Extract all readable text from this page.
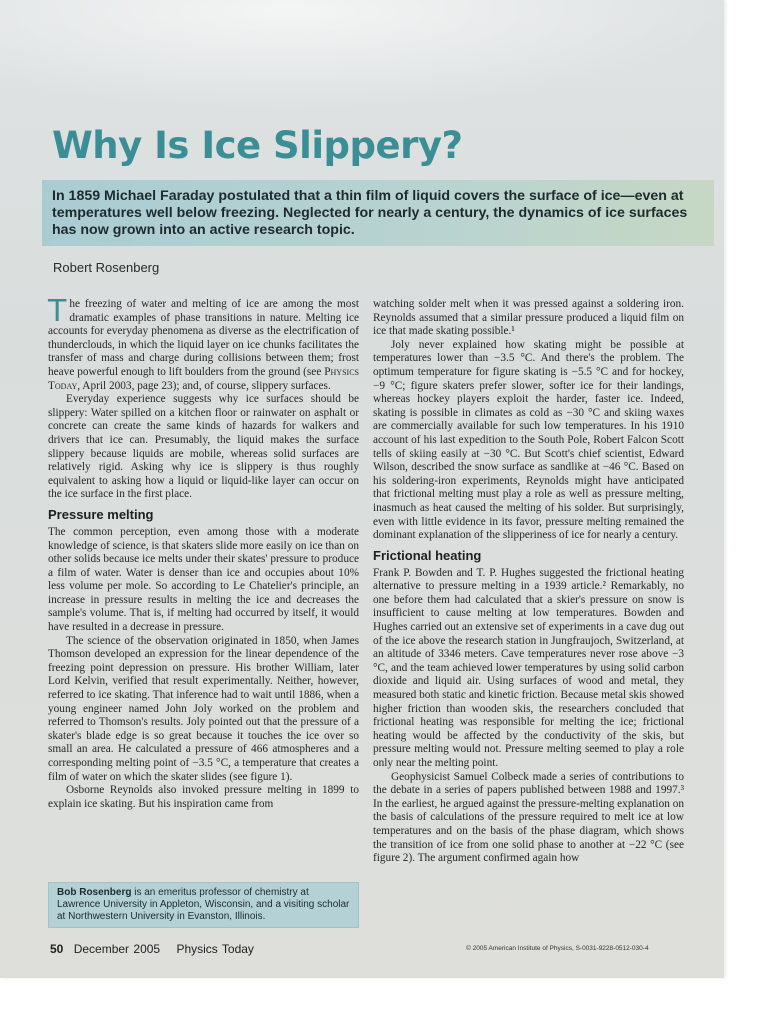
Why Is Ice Slippery?

In 1859 Michael Faraday postulated that a thin film of liquid covers the surface of ice—even at temperatures well below freezing. Neglected for nearly a century, the dynamics of ice surfaces has now grown into an active research topic.

Robert Rosenberg

The freezing of water and melting of ice are among the most dramatic examples of phase transitions in nature. Melting ice accounts for everyday phenomena as diverse as the electrification of thunderclouds, in which the liquid layer on ice chunks facilitates the transfer of mass and charge during collisions between them; frost heave powerful enough to lift boulders from the ground (see Physics Today, April 2003, page 23); and, of course, slippery surfaces.

Everyday experience suggests why ice surfaces should be slippery: Water spilled on a kitchen floor or rainwater on asphalt or concrete can create the same kinds of hazards for walkers and drivers that ice can. Presumably, the liquid makes the surface slippery because liquids are mobile, whereas solid surfaces are relatively rigid. Asking why ice is slippery is thus roughly equivalent to asking how a liquid or liquid-like layer can occur on the ice surface in the first place.

Pressure melting

The common perception, even among those with a moderate knowledge of science, is that skaters slide more easily on ice than on other solids because ice melts under their skates' pressure to produce a film of water. Water is denser than ice and occupies about 10% less volume per mole. So according to Le Chatelier's principle, an increase in pressure results in melting the ice and decreases the sample's volume. That is, if melting had occurred by itself, it would have resulted in a decrease in pressure.

The science of the observation originated in 1850, when James Thomson developed an expression for the linear dependence of the freezing point depression on pressure. His brother William, later Lord Kelvin, verified that result experimentally. Neither, however, referred to ice skating. That inference had to wait until 1886, when a young engineer named John Joly worked on the problem and referred to Thomson's results. Joly pointed out that the pressure of a skater's blade edge is so great because it touches the ice over so small an area. He calculated a pressure of 466 atmospheres and a corresponding melting point of −3.5 °C, a temperature that creates a film of water on which the skater slides (see figure 1).

Osborne Reynolds also invoked pressure melting in 1899 to explain ice skating. But his inspiration came from

watching solder melt when it was pressed against a soldering iron. Reynolds assumed that a similar pressure produced a liquid film on ice that made skating possible.¹

Joly never explained how skating might be possible at temperatures lower than −3.5 °C. And there's the problem. The optimum temperature for figure skating is −5.5 °C and for hockey, −9 °C; figure skaters prefer slower, softer ice for their landings, whereas hockey players exploit the harder, faster ice. Indeed, skating is possible in climates as cold as −30 °C and skiing waxes are commercially available for such low temperatures. In his 1910 account of his last expedition to the South Pole, Robert Falcon Scott tells of skiing easily at −30 °C. But Scott's chief scientist, Edward Wilson, described the snow surface as sandlike at −46 °C. Based on his soldering-iron experiments, Reynolds might have anticipated that frictional melting must play a role as well as pressure melting, inasmuch as heat caused the melting of his solder. But surprisingly, even with little evidence in its favor, pressure melting remained the dominant explanation of the slipperiness of ice for nearly a century.

Frictional heating

Frank P. Bowden and T. P. Hughes suggested the frictional heating alternative to pressure melting in a 1939 article.² Remarkably, no one before them had calculated that a skier's pressure on snow is insufficient to cause melting at low temperatures. Bowden and Hughes carried out an extensive set of experiments in a cave dug out of the ice above the research station in Jungfraujoch, Switzerland, at an altitude of 3346 meters. Cave temperatures never rose above −3 °C, and the team achieved lower temperatures by using solid carbon dioxide and liquid air. Using surfaces of wood and metal, they measured both static and kinetic friction. Because metal skis showed higher friction than wooden skis, the researchers concluded that frictional heating was responsible for melting the ice; frictional heating would be affected by the conductivity of the skis, but pressure melting would not. Pressure melting seemed to play a role only near the melting point.

Geophysicist Samuel Colbeck made a series of contributions to the debate in a series of papers published between 1988 and 1997.³ In the earliest, he argued against the pressure-melting explanation on the basis of calculations of the pressure required to melt ice at low temperatures and on the basis of the phase diagram, which shows the transition of ice from one solid phase to another at −22 °C (see figure 2). The argument confirmed again how

Bob Rosenberg is an emeritus professor of chemistry at Lawrence University in Appleton, Wisconsin, and a visiting scholar at Northwestern University in Evanston, Illinois.

50 December 2005 Physics Today	© 2005 American Institute of Physics, S-0031-9228-0512-030-4
